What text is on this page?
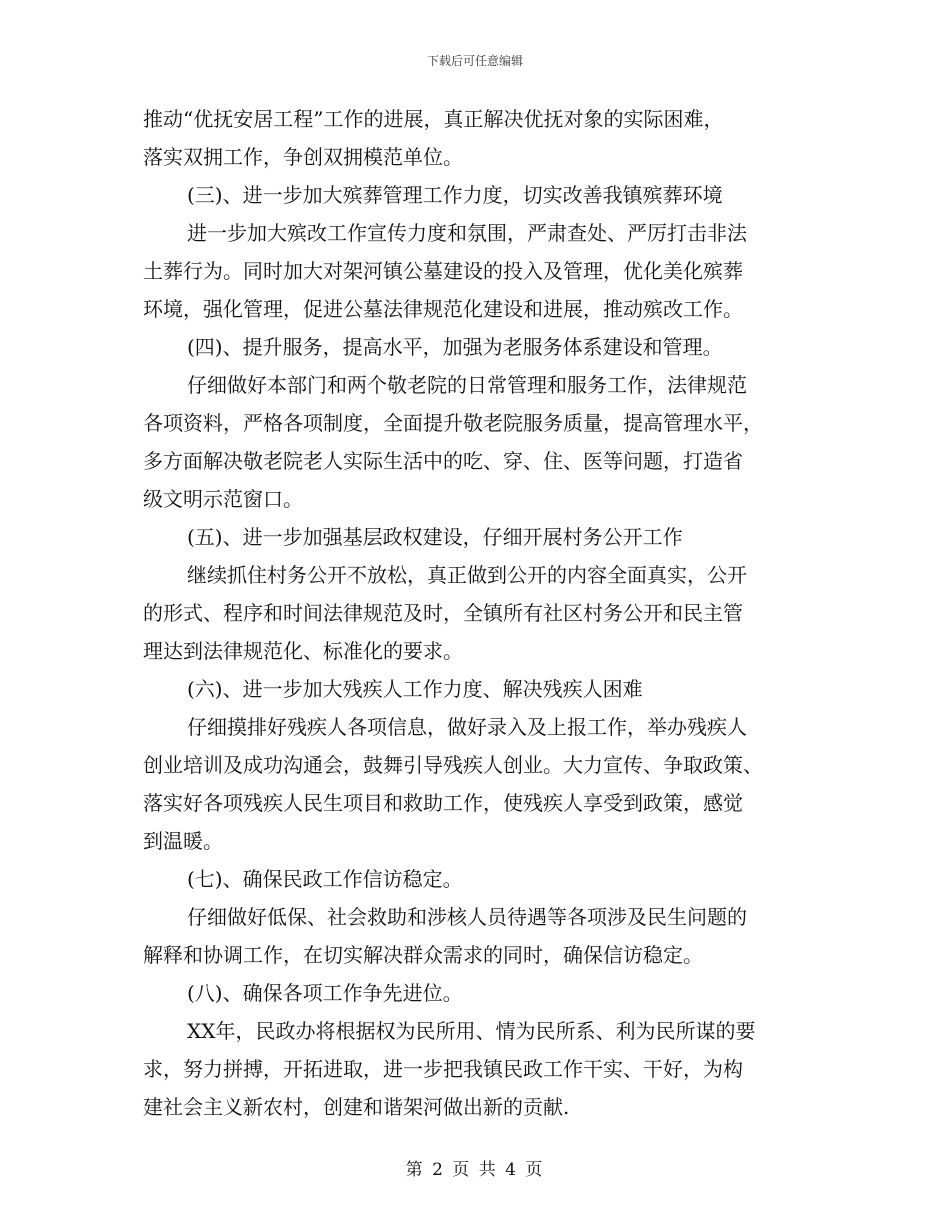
下载后可任意编辑
推动“优抚安居工程”工作的进展，真正解决优抚对象的实际困难，
落实双拥工作，争创双拥模范单位。
(三)、进一步加大殡葬管理工作力度，切实改善我镇殡葬环境
进一步加大殡改工作宣传力度和氛围，严肃查处、严厉打击非法
土葬行为。同时加大对架河镇公墓建设的投入及管理，优化美化殡葬
环境，强化管理，促进公墓法律规范化建设和进展，推动殡改工作。
(四)、提升服务，提高水平，加强为老服务体系建设和管理。
仔细做好本部门和两个敬老院的日常管理和服务工作，法律规范
各项资料，严格各项制度，全面提升敬老院服务质量，提高管理水平，
多方面解决敬老院老人实际生活中的吃、穿、住、医等问题，打造省
级文明示范窗口。
(五)、进一步加强基层政权建设，仔细开展村务公开工作
继续抓住村务公开不放松，真正做到公开的内容全面真实，公开
的形式、程序和时间法律规范及时，全镇所有社区村务公开和民主管
理达到法律规范化、标准化的要求。
(六)、进一步加大残疾人工作力度、解决残疾人困难
仔细摸排好残疾人各项信息，做好录入及上报工作，举办残疾人
创业培训及成功沟通会，鼓舞引导残疾人创业。大力宣传、争取政策、
落实好各项残疾人民生项目和救助工作，使残疾人享受到政策，感觉
到温暖。
(七)、确保民政工作信访稳定。
仔细做好低保、社会救助和涉核人员待遇等各项涉及民生问题的
解释和协调工作，在切实解决群众需求的同时，确保信访稳定。
(八)、确保各项工作争先进位。
XX年，民政办将根据权为民所用、情为民所系、利为民所谋的要
求，努力拼搏，开拓进取，进一步把我镇民政工作干实、干好，为构
建社会主义新农村，创建和谐架河做出新的贡献.
第 2 页 共 4 页
